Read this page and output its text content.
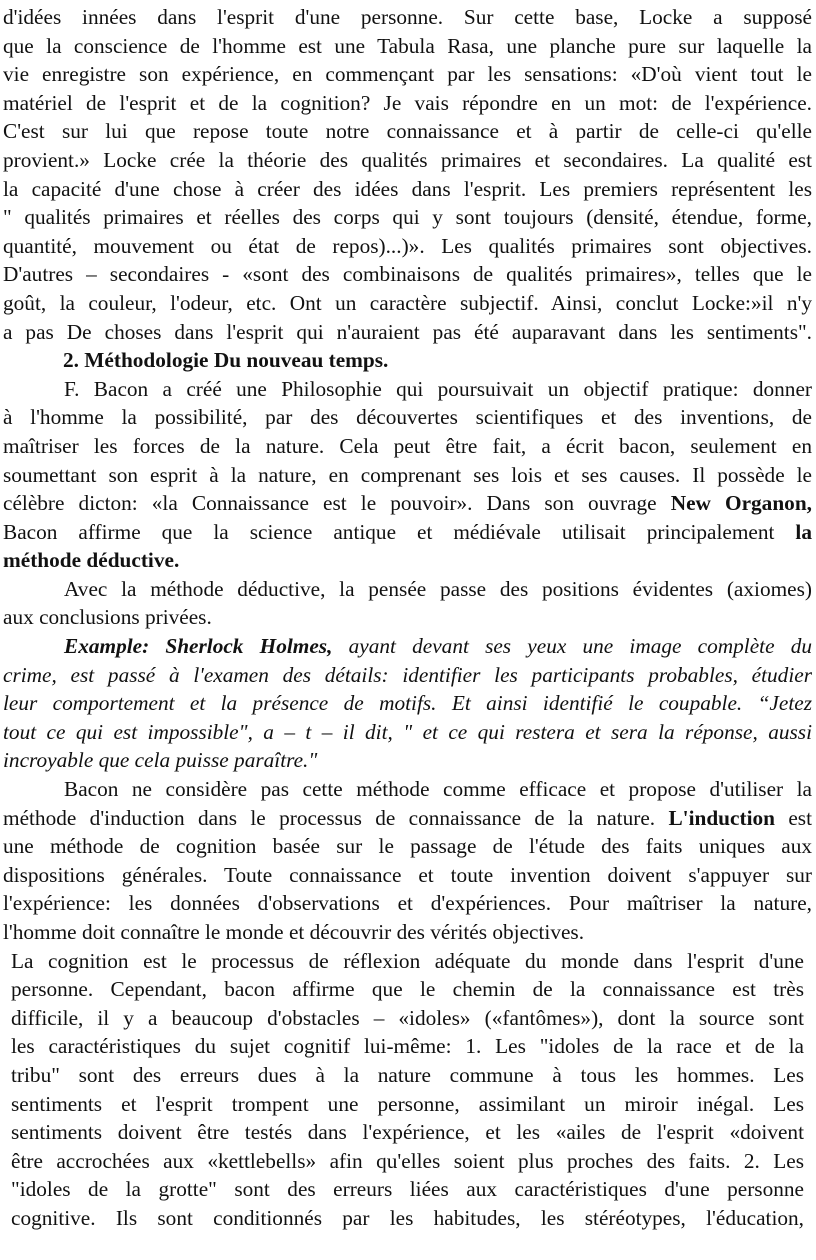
d'idées innées dans l'esprit d'une personne. Sur cette base, Locke a supposé
que la conscience de l'homme est une Tabula Rasa, une planche pure sur laquelle la
vie enregistre son expérience, en commençant par les sensations: «D'où vient tout le
matériel de l'esprit et de la cognition? Je vais répondre en un mot: de l'expérience.
C'est sur lui que repose toute notre connaissance et à partir de celle-ci qu'elle
provient.» Locke crée la théorie des qualités primaires et secondaires. La qualité est
la capacité d'une chose à créer des idées dans l'esprit. Les premiers représentent les
" qualités primaires et réelles des corps qui y sont toujours (densité, étendue, forme,
quantité, mouvement ou état de repos)...)». Les qualités primaires sont objectives.
D'autres – secondaires - «sont des combinaisons de qualités primaires», telles que le
goût, la couleur, l'odeur, etc. Ont un caractère subjectif. Ainsi, conclut Locke:»il n'y
a pas De choses dans l'esprit qui n'auraient pas été auparavant dans les sentiments".
2. Méthodologie Du nouveau temps.
F. Bacon a créé une Philosophie qui poursuivait un objectif pratique: donner
à l'homme la possibilité, par des découvertes scientifiques et des inventions, de
maîtriser les forces de la nature. Cela peut être fait, a écrit bacon, seulement en
soumettant son esprit à la nature, en comprenant ses lois et ses causes. Il possède le
célèbre dicton: «la Connaissance est le pouvoir». Dans son ouvrage New Organon,
Bacon affirme que la science antique et médiévale utilisait principalement la
méthode déductive.
Avec la méthode déductive, la pensée passe des positions évidentes (axiomes)
aux conclusions privées.
Example: Sherlock Holmes, ayant devant ses yeux une image complète du
crime, est passé à l'examen des détails: identifier les participants probables, étudier
leur comportement et la présence de motifs. Et ainsi identifié le coupable. “Jetez
tout ce qui est impossible", a – t – il dit, " et ce qui restera et sera la réponse, aussi
incroyable que cela puisse paraître."
Bacon ne considère pas cette méthode comme efficace et propose d'utiliser la
méthode d'induction dans le processus de connaissance de la nature. L'induction est
une méthode de cognition basée sur le passage de l'étude des faits uniques aux
dispositions générales. Toute connaissance et toute invention doivent s'appuyer sur
l'expérience: les données d'observations et d'expériences. Pour maîtriser la nature,
l'homme doit connaître le monde et découvrir des vérités objectives.
La cognition est le processus de réflexion adéquate du monde dans l'esprit d'une
personne. Cependant, bacon affirme que le chemin de la connaissance est très
difficile, il y a beaucoup d'obstacles – «idoles» («fantômes»), dont la source sont
les caractéristiques du sujet cognitif lui-même: 1. Les "idoles de la race et de la
tribu" sont des erreurs dues à la nature commune à tous les hommes. Les
sentiments et l'esprit trompent une personne, assimilant un miroir inégal. Les
sentiments doivent être testés dans l'expérience, et les «ailes de l'esprit «doivent
être accrochées aux «kettlebells» afin qu'elles soient plus proches des faits. 2. Les
"idoles de la grotte" sont des erreurs liées aux caractéristiques d'une personne
cognitive. Ils sont conditionnés par les habitudes, les stéréotypes, l'éducation,
